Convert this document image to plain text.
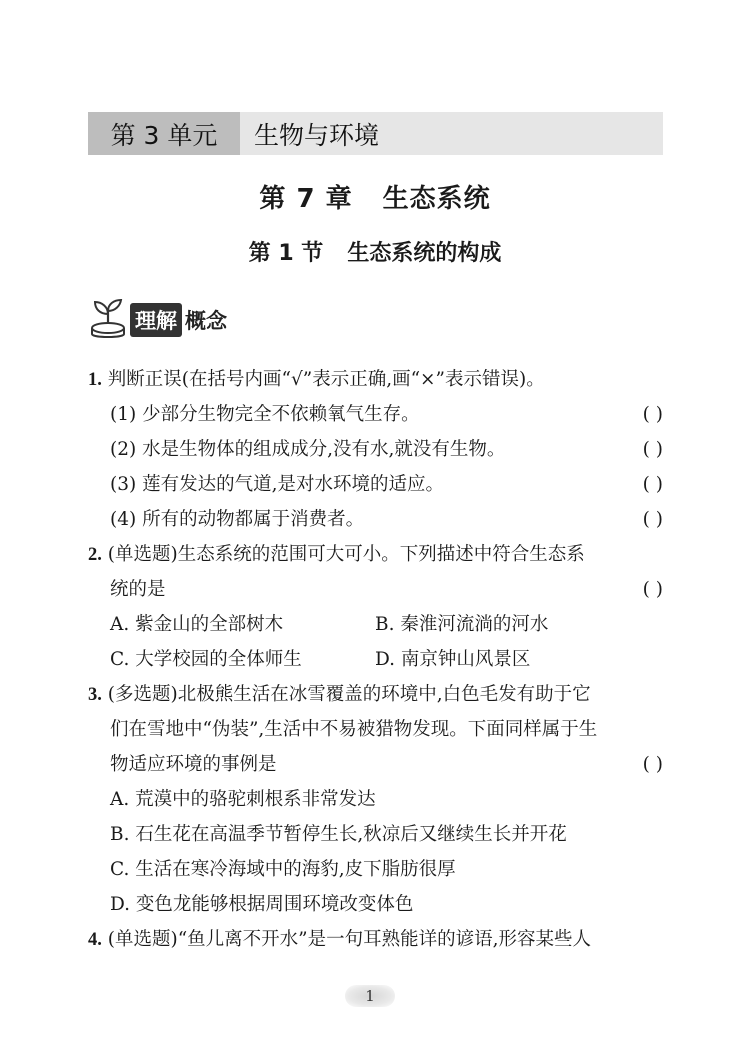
第 3 单元	生物与环境
第 7 章 生态系统
第 1 节 生态系统的构成
理解 概念
1. 判断正误(在括号内画“√”表示正确,画“×”表示错误)。
(1) 少部分生物完全不依赖氧气生存。	( )
(2) 水是生物体的组成成分,没有水,就没有生物。	( )
(3) 莲有发达的气道,是对水环境的适应。	( )
(4) 所有的动物都属于消费者。	( )
2. (单选题)生态系统的范围可大可小。下列描述中符合生态系
统的是	( )
A. 紫金山的全部树木	B. 秦淮河流淌的河水
C. 大学校园的全体师生	D. 南京钟山风景区
3. (多选题)北极熊生活在冰雪覆盖的环境中,白色毛发有助于它
们在雪地中“伪装”,生活中不易被猎物发现。下面同样属于生
物适应环境的事例是	( )
A. 荒漠中的骆驼刺根系非常发达
B. 石生花在高温季节暂停生长,秋凉后又继续生长并开花
C. 生活在寒冷海域中的海豹,皮下脂肪很厚
D. 变色龙能够根据周围环境改变体色
4. (单选题)“鱼儿离不开水”是一句耳熟能详的谚语,形容某些人
1
